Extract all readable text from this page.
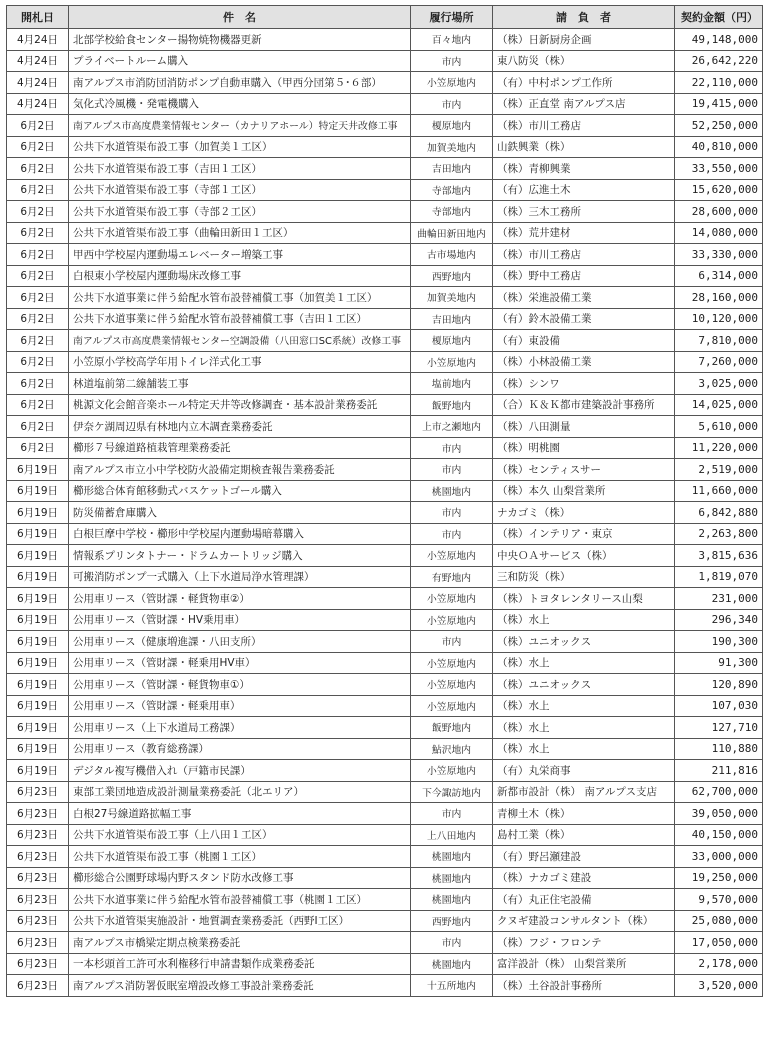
開札日	件　名	履行場所	請　負　者	契約金額（円）
4月24日	北部学校給食センター揚物焼物機器更新	百々地内	（株）日新厨房企画	49,148,000
4月24日	プライベートルーム購入	市内	東八防災（株）	26,642,220
4月24日	南アルプス市消防団消防ポンプ自動車購入（甲西分団第５･６部）	小笠原地内	（有）中村ポンプ工作所	22,110,000
4月24日	気化式冷風機・発電機購入	市内	（株）正直堂 南アルプス店	19,415,000
6月2日	南アルプス市高度農業情報センター（カナリアホール）特定天井改修工事	榎原地内	（株）市川工務店	52,250,000
6月2日	公共下水道管渠布設工事（加賀美１工区）	加賀美地内	山鉄興業（株）	40,810,000
6月2日	公共下水道管渠布設工事（吉田１工区）	吉田地内	（株）青柳興業	33,550,000
6月2日	公共下水道管渠布設工事（寺部１工区）	寺部地内	（有）広進土木	15,620,000
6月2日	公共下水道管渠布設工事（寺部２工区）	寺部地内	（株）三木工務所	28,600,000
6月2日	公共下水道管渠布設工事（曲輪田新田１工区）	曲輪田新田地内	（株）荒井建材	14,080,000
6月2日	甲西中学校屋内運動場エレベーター増築工事	古市場地内	（株）市川工務店	33,330,000
6月2日	白根東小学校屋内運動場床改修工事	西野地内	（株）野中工務店	6,314,000
6月2日	公共下水道事業に伴う給配水管布設替補償工事（加賀美１工区）	加賀美地内	（株）栄進設備工業	28,160,000
6月2日	公共下水道事業に伴う給配水管布設替補償工事（吉田１工区）	吉田地内	（有）鈴木設備工業	10,120,000
6月2日	南アルプス市高度農業情報センター空調設備（八田窓口SC系統）改修工事	榎原地内	（有）東設備	7,810,000
6月2日	小笠原小学校高学年用トイレ洋式化工事	小笠原地内	（株）小林設備工業	7,260,000
6月2日	林道塩前第二線舗装工事	塩前地内	（株）シンワ	3,025,000
6月2日	桃源文化会館音楽ホール特定天井等改修調査・基本設計業務委託	飯野地内	（合）Ｋ＆Ｋ都市建築設計事務所	14,025,000
6月2日	伊奈ケ湖周辺県有林地内立木調査業務委託	上市之瀬地内	（株）八田測量	5,610,000
6月2日	櫛形７号線道路植栽管理業務委託	市内	（株）明桃園	11,220,000
6月19日	南アルプス市立小中学校防火設備定期検査報告業務委託	市内	（株）センティスサー	2,519,000
6月19日	櫛形総合体育館移動式バスケットゴール購入	桃園地内	（株）本久 山梨営業所	11,660,000
6月19日	防災備蓄倉庫購入	市内	ナカゴミ（株）	6,842,880
6月19日	白根巨摩中学校・櫛形中学校屋内運動場暗幕購入	市内	（株）インテリア・東京	2,263,800
6月19日	情報系プリンタトナー・ドラムカートリッジ購入	小笠原地内	中央ＯＡサービス（株）	3,815,636
6月19日	可搬消防ポンプ一式購入（上下水道局浄水管理課）	有野地内	三和防災（株）	1,819,070
6月19日	公用車リース（管財課・軽貨物車②）	小笠原地内	（株）トヨタレンタリース山梨	231,000
6月19日	公用車リース（管財課・HV乗用車）	小笠原地内	（株）水上	296,340
6月19日	公用車リース（健康増進課・八田支所）	市内	（株）ユニオックス	190,300
6月19日	公用車リース（管財課・軽乗用HV車）	小笠原地内	（株）水上	91,300
6月19日	公用車リース（管財課・軽貨物車①）	小笠原地内	（株）ユニオックス	120,890
6月19日	公用車リース（管財課・軽乗用車）	小笠原地内	（株）水上	107,030
6月19日	公用車リース（上下水道局工務課）	飯野地内	（株）水上	127,710
6月19日	公用車リース（教育総務課）	鮎沢地内	（株）水上	110,880
6月19日	デジタル複写機借入れ（戸籍市民課）	小笠原地内	（有）丸栄商事	211,816
6月23日	東部工業団地造成設計測量業務委託（北エリア）	下今諏訪地内	新都市設計（株） 南アルプス支店	62,700,000
6月23日	白根27号線道路拡幅工事	市内	青柳土木（株）	39,050,000
6月23日	公共下水道管渠布設工事（上八田１工区）	上八田地内	島村工業（株）	40,150,000
6月23日	公共下水道管渠布設工事（桃園１工区）	桃園地内	（有）野呂瀬建設	33,000,000
6月23日	櫛形総合公園野球場内野スタンド防水改修工事	桃園地内	（株）ナカゴミ建設	19,250,000
6月23日	公共下水道事業に伴う給配水管布設替補償工事（桃園１工区）	桃園地内	（有）丸正住宅設備	9,570,000
6月23日	公共下水道管渠実施設計・地質調査業務委託（西野Ⅰ工区）	西野地内	クヌギ建設コンサルタント（株）	25,080,000
6月23日	南アルプス市橋梁定期点検業務委託	市内	（株）フジ・フロンテ	17,050,000
6月23日	一本杉頭首工許可水利権移行申請書類作成業務委託	桃園地内	富洋設計（株） 山梨営業所	2,178,000
6月23日	南アルプス消防署仮眠室増設改修工事設計業務委託	十五所地内	（株）土谷設計事務所	3,520,000
